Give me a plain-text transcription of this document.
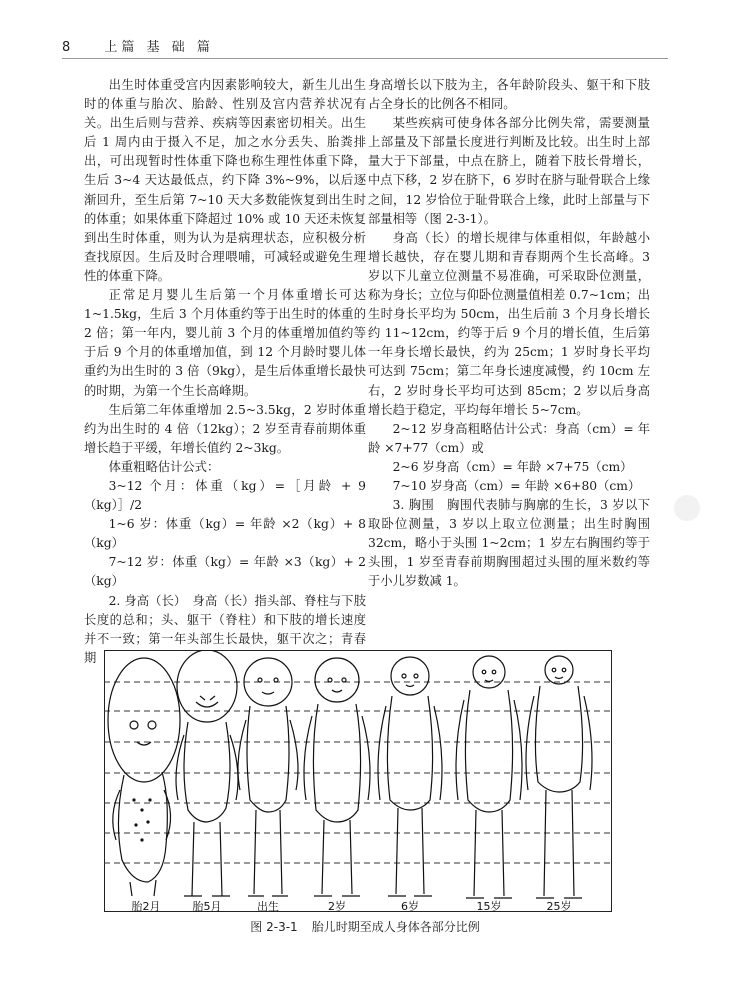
8	上篇 基 础 篇

出生时体重受宫内因素影响较大，新生儿出生时的体重与胎次、胎龄、性别及宫内营养状况有关。出生后则与营养、疾病等因素密切相关。出生后 1 周内由于摄入不足，加之水分丢失、胎粪排出，可出现暂时性体重下降也称生理性体重下降，生后 3~4 天达最低点，约下降 3%~9%，以后逐渐回升，至生后第 7~10 天大多数能恢复到出生时的体重；如果体重下降超过 10% 或 10 天还未恢复到出生时体重，则为认为是病理状态，应积极分析查找原因。生后及时合理喂哺，可减轻或避免生理性的体重下降。

正常足月婴儿生后第一个月体重增长可达 1~1.5kg，生后 3 个月体重约等于出生时的体重的 2 倍；第一年内，婴儿前 3 个月的体重增加值约等于后 9 个月的体重增加值，到 12 个月龄时婴儿体重约为出生时的 3 倍（9kg），是生后体重增长最快的时期，为第一个生长高峰期。

生后第二年体重增加 2.5~3.5kg，2 岁时体重约为出生时的 4 倍（12kg）；2 岁至青春前期体重增长趋于平缓，年增长值约 2~3kg。

体重粗略估计公式：

3~12 个月：体重（kg）=［月龄 + 9（kg）］/2

1~6 岁：体重（kg）= 年龄 ×2（kg）+ 8（kg）

7~12 岁：体重（kg）= 年龄 ×3（kg）+ 2（kg）

2. 身高（长）　身高（长）指头部、脊柱与下肢长度的总和；头、躯干（脊柱）和下肢的增长速度并不一致；第一年头部生长最快，躯干次之；青春期

身高增长以下肢为主，各年龄阶段头、躯干和下肢占全身长的比例各不相同。

某些疾病可使身体各部分比例失常，需要测量上部量及下部量长度进行判断及比较。出生时上部量大于下部量，中点在脐上，随着下肢长骨增长，中点下移，2 岁在脐下，6 岁时在脐与耻骨联合上缘之间，12 岁恰位于耻骨联合上缘，此时上部量与下部量相等（图 2-3-1）。

身高（长）的增长规律与体重相似，年龄越小增长越快，存在婴儿期和青春期两个生长高峰。3 岁以下儿童立位测量不易准确，可采取卧位测量，称为身长；立位与仰卧位测量值相差 0.7~1cm；出生时身长平均为 50cm，出生后前 3 个月身长增长约 11~12cm，约等于后 9 个月的增长值，生后第一年身长增长最快，约为 25cm；1 岁时身长平均可达到 75cm；第二年身长速度减慢，约 10cm 左右，2 岁时身长平均可达到 85cm；2 岁以后身高增长趋于稳定，平均每年增长 5~7cm。

2~12 岁身高粗略估计公式：身高（cm）= 年龄 ×7+77（cm）或

2~6 岁身高（cm）= 年龄 ×7+75（cm）

7~10 岁身高（cm）= 年龄 ×6+80（cm）

3. 胸围　胸围代表肺与胸廓的生长，3 岁以下取卧位测量，3 岁以上取立位测量；出生时胸围 32cm，略小于头围 1~2cm；1 岁左右胸围约等于头围，1 岁至青春前期胸围超过头围的厘米数约等于小儿岁数减 1。

胎2月	胎5月	出生	2岁	6岁	15岁	25岁
图 2-3-1 胎儿时期至成人身体各部分比例
